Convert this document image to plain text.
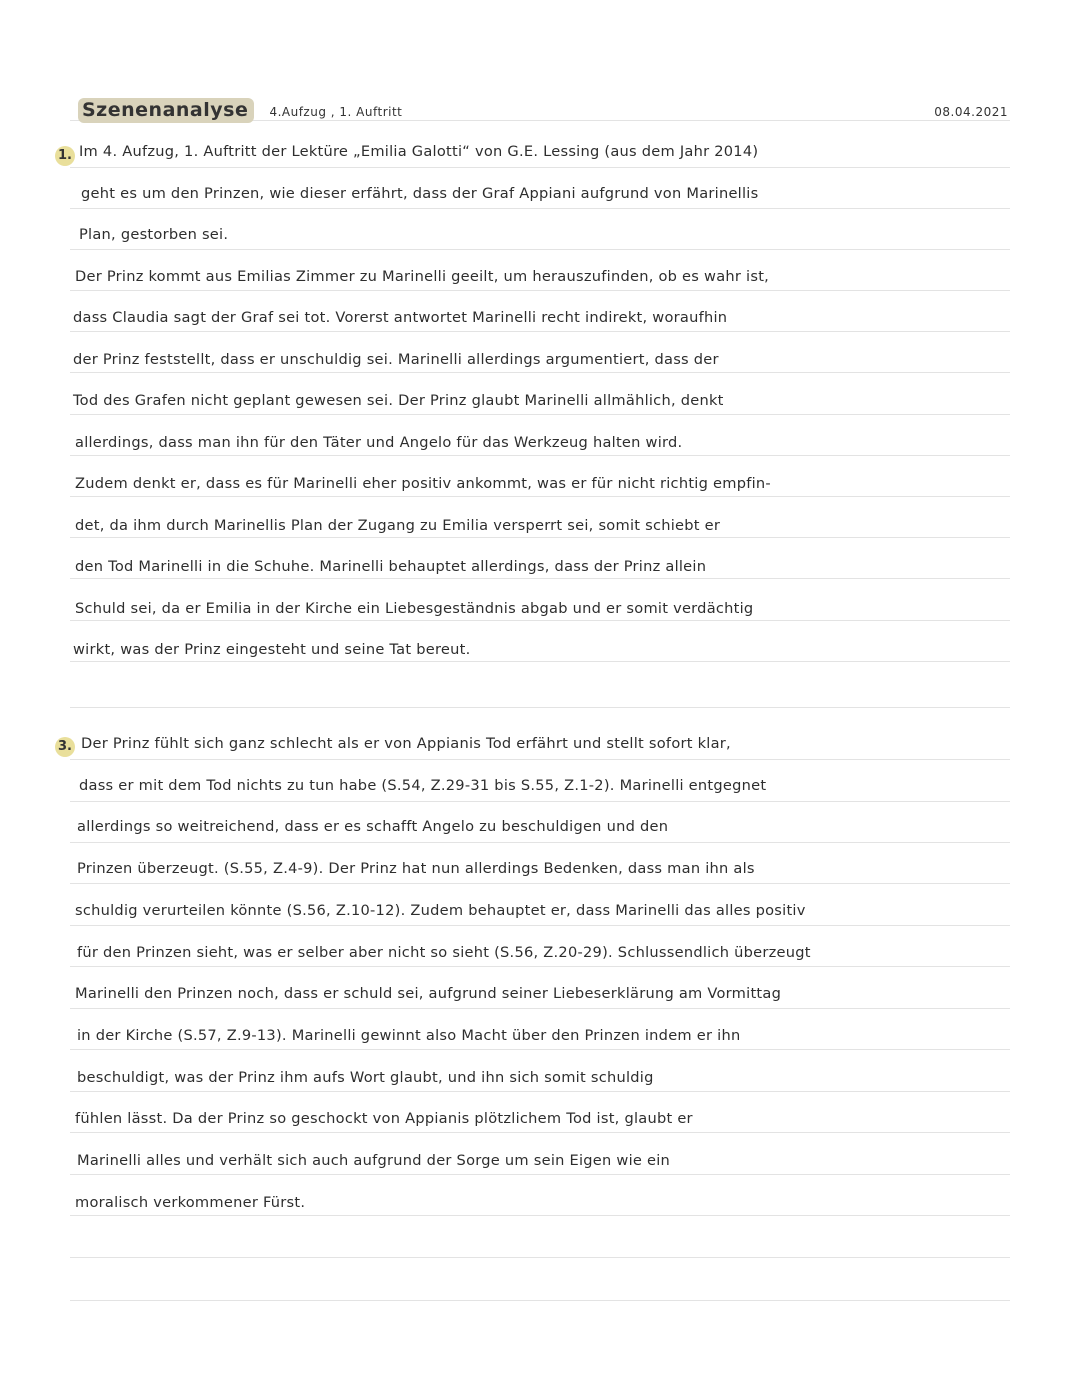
Szenenanalyse 4.Aufzug , 1. Auftritt	08.04.2021
1. Im 4. Aufzug, 1. Auftritt der Lektüre „Emilia Galotti“ von G.E. Lessing (aus dem Jahr 2014)
geht es um den Prinzen, wie dieser erfährt, dass der Graf Appiani aufgrund von Marinellis
Plan, gestorben sei.
Der Prinz kommt aus Emilias Zimmer zu Marinelli geeilt, um herauszufinden, ob es wahr ist,
dass Claudia sagt der Graf sei tot. Vorerst antwortet Marinelli recht indirekt, woraufhin
der Prinz feststellt, dass er unschuldig sei. Marinelli allerdings argumentiert, dass der
Tod des Grafen nicht geplant gewesen sei. Der Prinz glaubt Marinelli allmählich, denkt
allerdings, dass man ihn für den Täter und Angelo für das Werkzeug halten wird.
Zudem denkt er, dass es für Marinelli eher positiv ankommt, was er für nicht richtig empfin-
det, da ihm durch Marinellis Plan der Zugang zu Emilia versperrt sei, somit schiebt er
den Tod Marinelli in die Schuhe. Marinelli behauptet allerdings, dass der Prinz allein
Schuld sei, da er Emilia in der Kirche ein Liebesgeständnis abgab und er somit verdächtig
wirkt, was der Prinz eingesteht und seine Tat bereut.
3. Der Prinz fühlt sich ganz schlecht als er von Appianis Tod erfährt und stellt sofort klar,
dass er mit dem Tod nichts zu tun habe (S.54, Z.29-31 bis S.55, Z.1-2). Marinelli entgegnet
allerdings so weitreichend, dass er es schafft Angelo zu beschuldigen und den
Prinzen überzeugt. (S.55, Z.4-9). Der Prinz hat nun allerdings Bedenken, dass man ihn als
schuldig verurteilen könnte (S.56, Z.10-12). Zudem behauptet er, dass Marinelli das alles positiv
für den Prinzen sieht, was er selber aber nicht so sieht (S.56, Z.20-29). Schlussendlich überzeugt
Marinelli den Prinzen noch, dass er schuld sei, aufgrund seiner Liebeserklärung am Vormittag
in der Kirche (S.57, Z.9-13). Marinelli gewinnt also Macht über den Prinzen indem er ihn
beschuldigt, was der Prinz ihm aufs Wort glaubt, und ihn sich somit schuldig
fühlen lässt. Da der Prinz so geschockt von Appianis plötzlichem Tod ist, glaubt er
Marinelli alles und verhält sich auch aufgrund der Sorge um sein Eigen wie ein
moralisch verkommener Fürst.
